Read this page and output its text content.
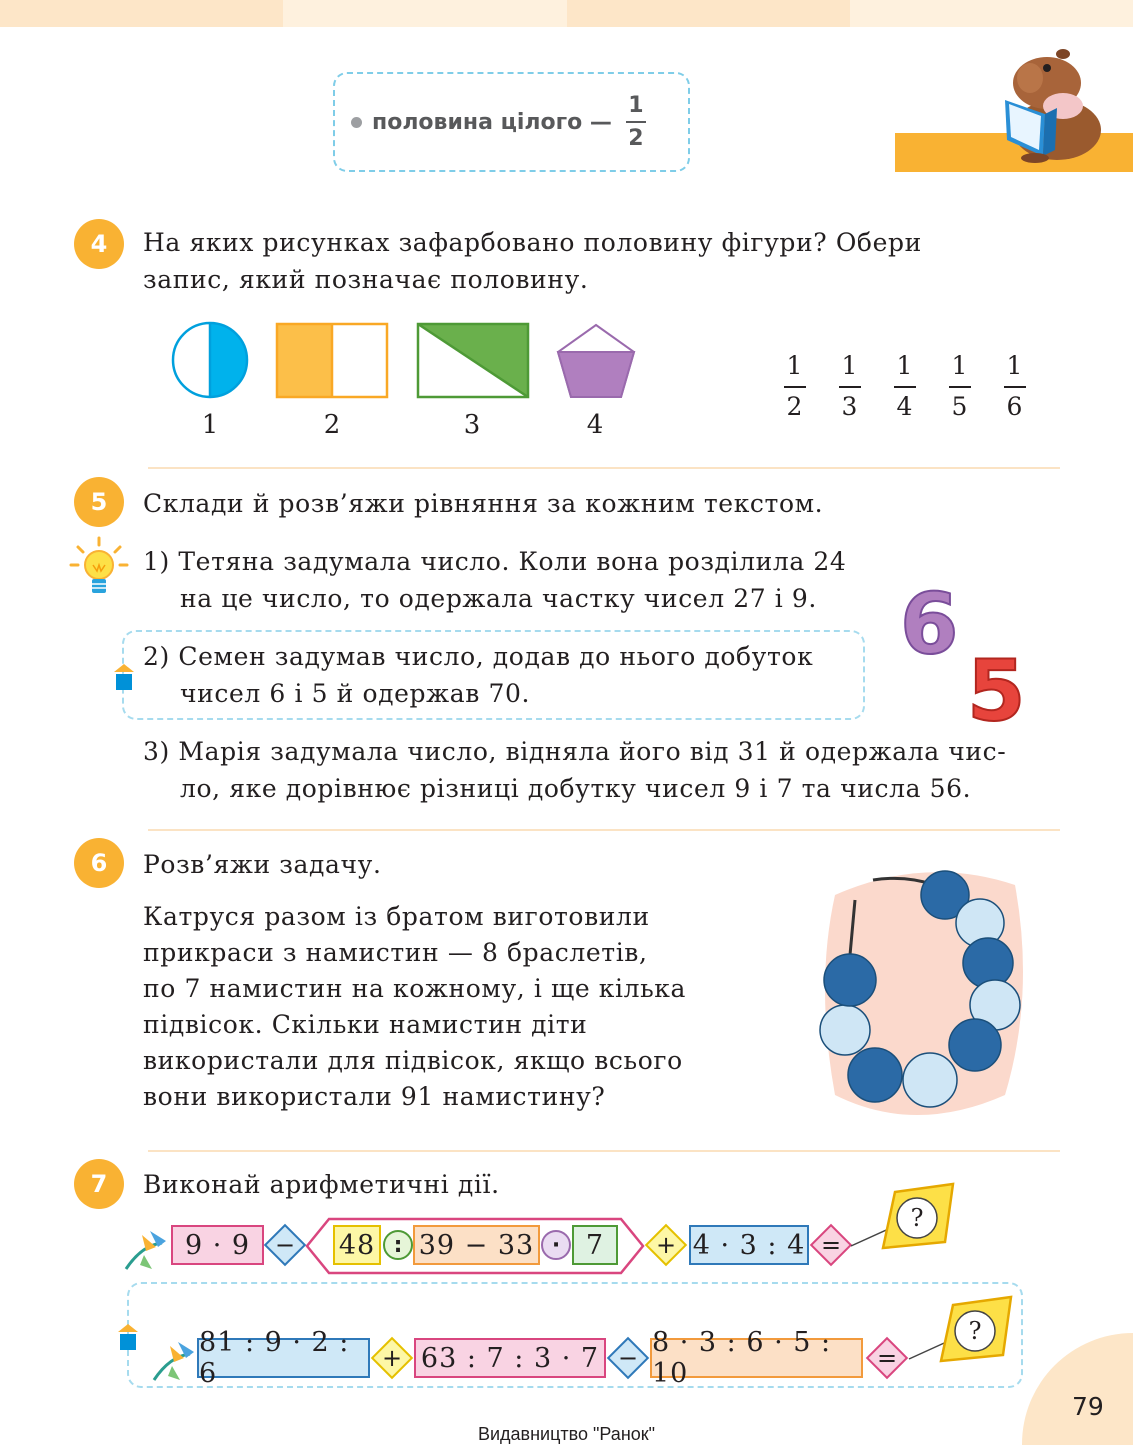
половина цілого — $\frac{1}{2}$
4	На яких рисунках зафарбовано половину фігури? Обери
запис, який позначає половину.
1	2	3	4
$\frac{1}{2} \frac{1}{3} \frac{1}{4} \frac{1}{5} \frac{1}{6}$
5	Склади й розв’яжи рівняння за кожним текстом.
1) Тетяна задумала число. Коли вона розділила 24
на це число, то одержала частку чисел 27 і 9.
2) Семен задумав число, додав до нього добуток
чисел 6 і 5 й одержав 70.
3) Марія задумала число, відняла його від 31 й одержала чис-
ло, яке дорівнює різниці добутку чисел 9 і 7 та числа 56.
6
5
6	Розв’яжи задачу.
Катруся разом із братом виготовили
прикраси з намистин — 8 браслетів,
по 7 намистин на кожному, і ще кілька
підвісок. Скільки намистин діти
використали для підвісок, якщо всього
вони використали 91 намистину?
7	Виконай арифметичні дії.
9 · 9	− 48 : 39 − 33 · 7	+ 4 · 3 : 4 =
?
81 : 9 · 2 : 6	+ 63 : 7 : 3 · 7 − 8 · 3 : 6 · 5 : 10	=
?
79
Видавництво "Ранок"
